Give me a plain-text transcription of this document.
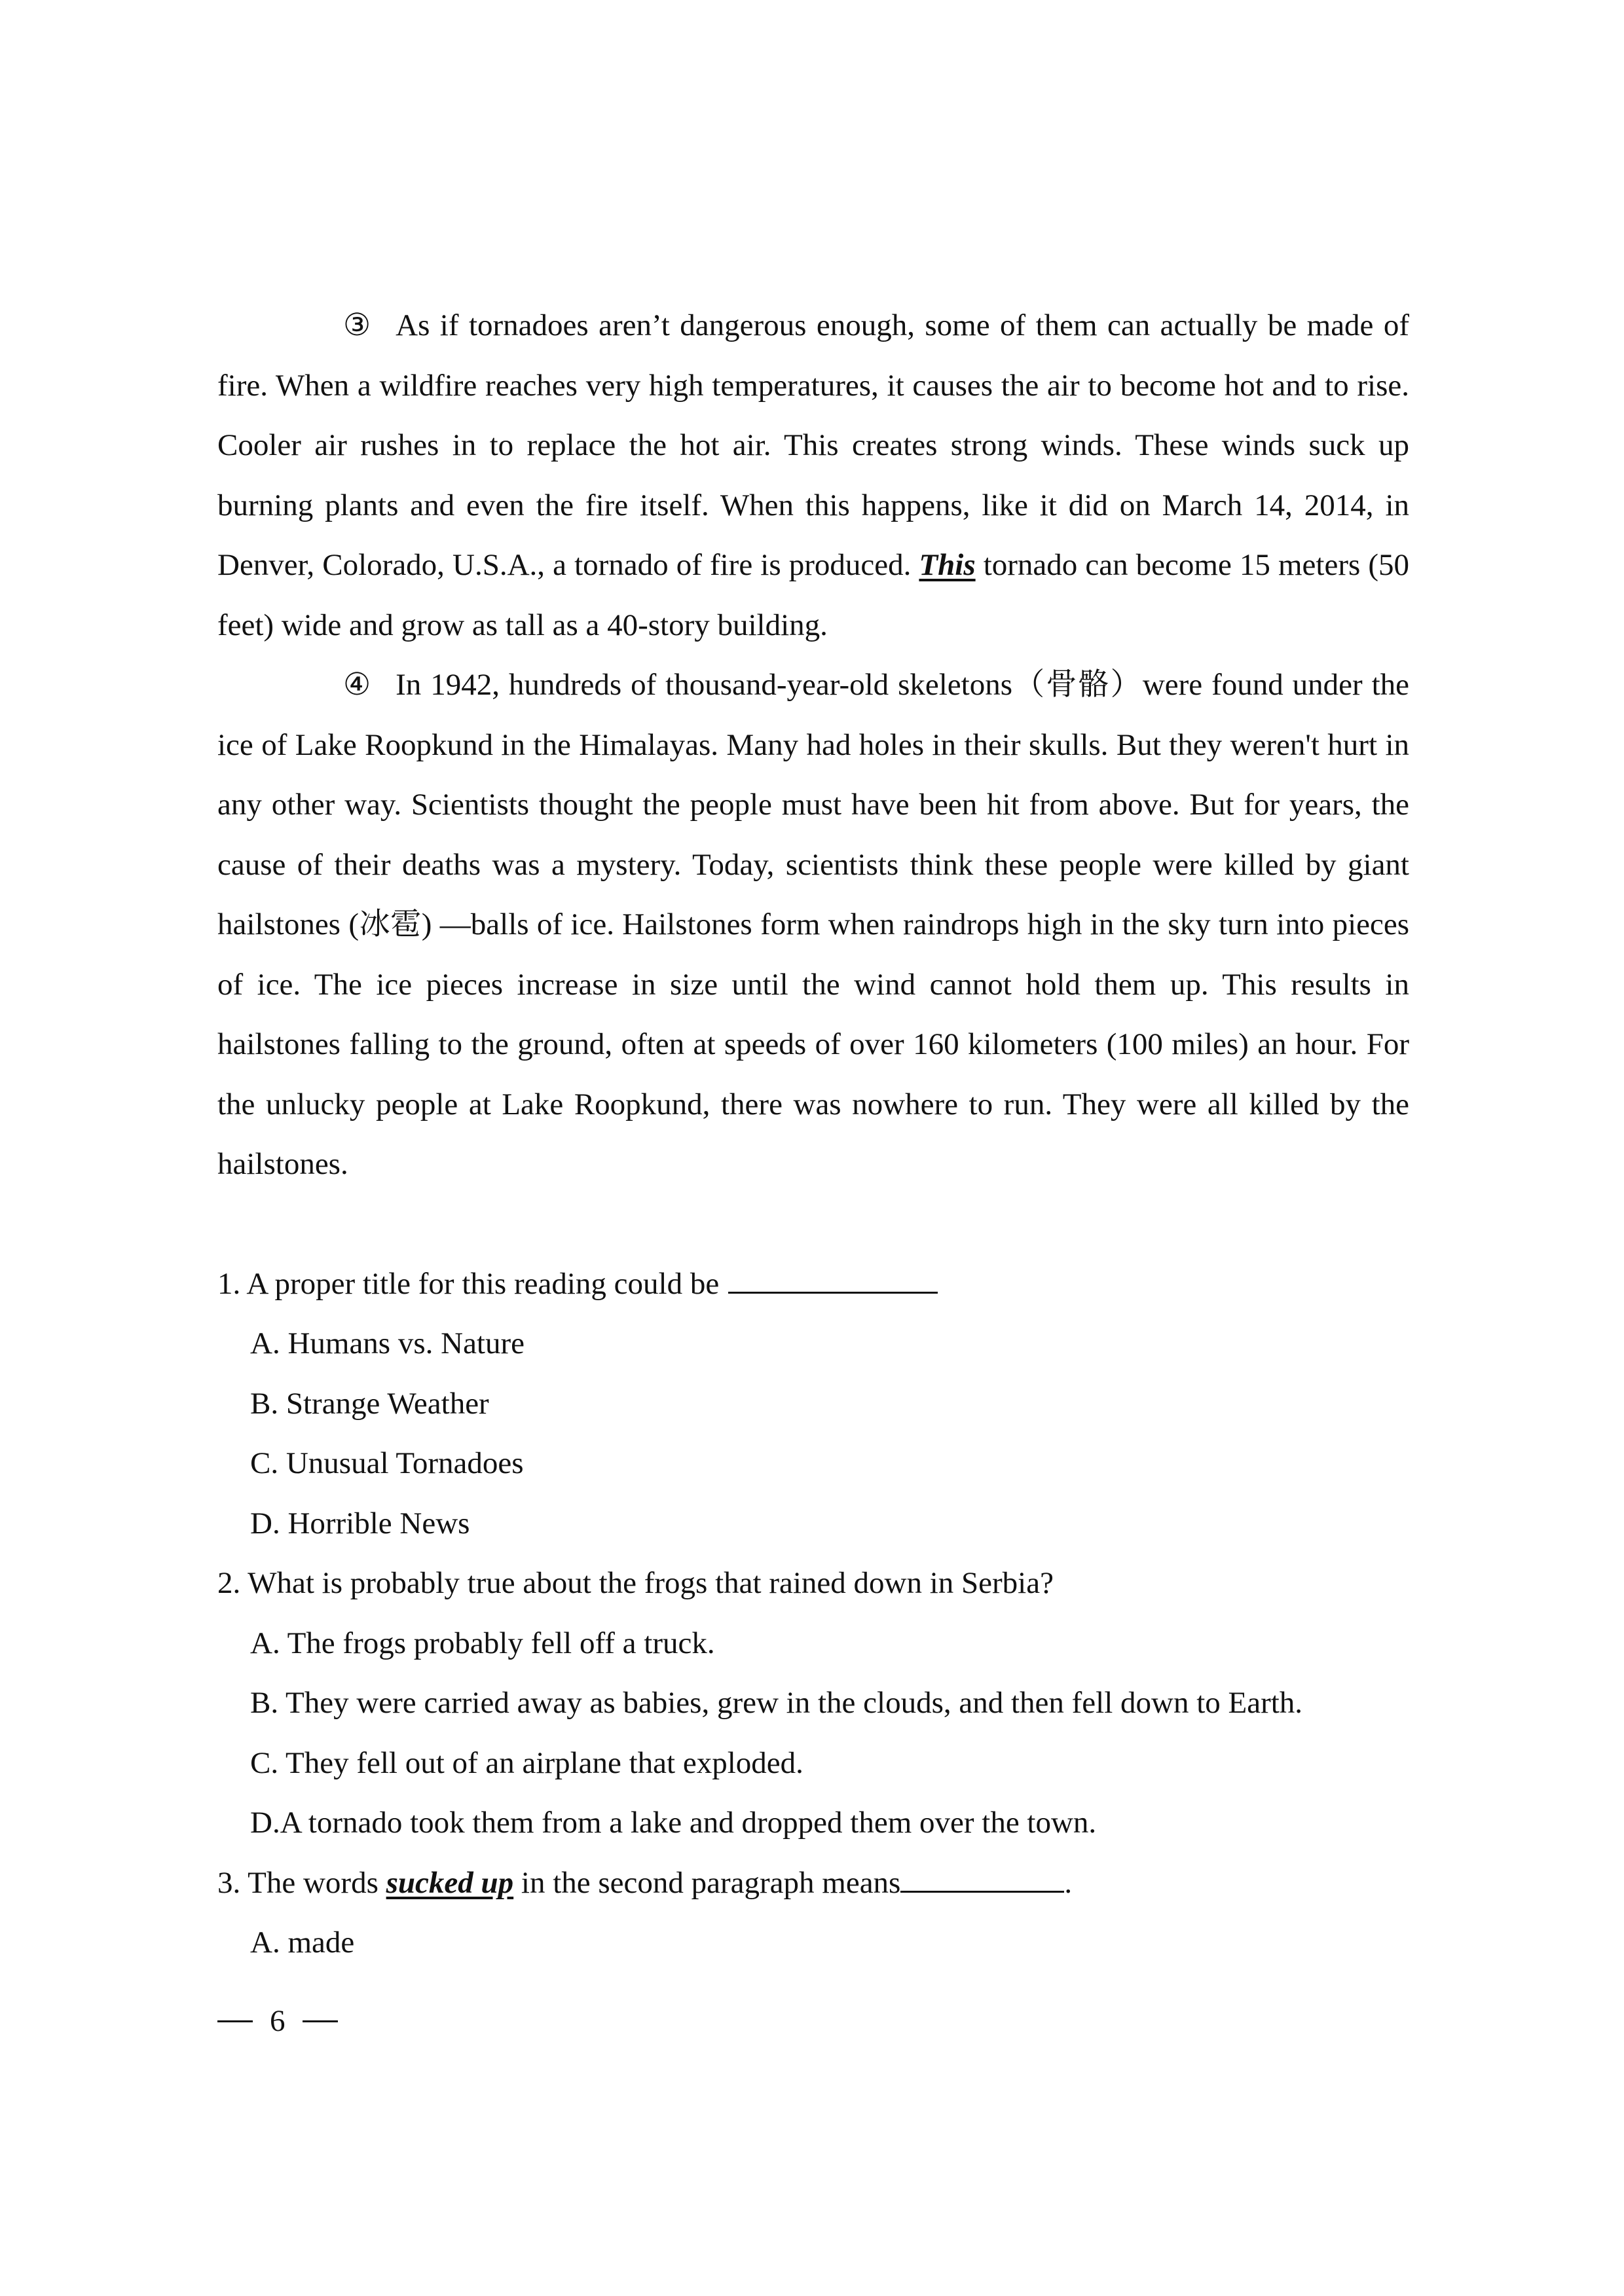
③ As if tornadoes aren’t dangerous enough, some of them can actually be made of fire. When a wildfire reaches very high temperatures, it causes the air to become hot and to rise. Cooler air rushes in to replace the hot air. This creates strong winds. These winds suck up burning plants and even the fire itself. When this happens, like it did on March 14, 2014, in Denver, Colorado, U.S.A., a tornado of fire is produced. This tornado can become 15 meters (50 feet) wide and grow as tall as a 40-story building.

④ In 1942, hundreds of thousand-year-old skeletons（骨骼）were found under the ice of Lake Roopkund in the Himalayas. Many had holes in their skulls. But they weren't hurt in any other way. Scientists thought the people must have been hit from above. But for years, the cause of their deaths was a mystery. Today, scientists think these people were killed by giant hailstones (冰雹) —balls of ice. Hailstones form when raindrops high in the sky turn into pieces of ice. The ice pieces increase in size until the wind cannot hold them up. This results in hailstones falling to the ground, often at speeds of over 160 kilometers (100 miles) an hour. For the unlucky people at Lake Roopkund, there was nowhere to run. They were all killed by the hailstones.

1. A proper title for this reading could be

A. Humans vs. Nature

B. Strange Weather

C. Unusual Tornadoes

D. Horrible News

2. What is probably true about the frogs that rained down in Serbia?

A. The frogs probably fell off a truck.

B. They were carried away as babies, grew in the clouds, and then fell down to Earth.

C. They fell out of an airplane that exploded.

D.A tornado took them from a lake and dropped them over the town.

3. The words sucked up in the second paragraph means	.

A. made

6
